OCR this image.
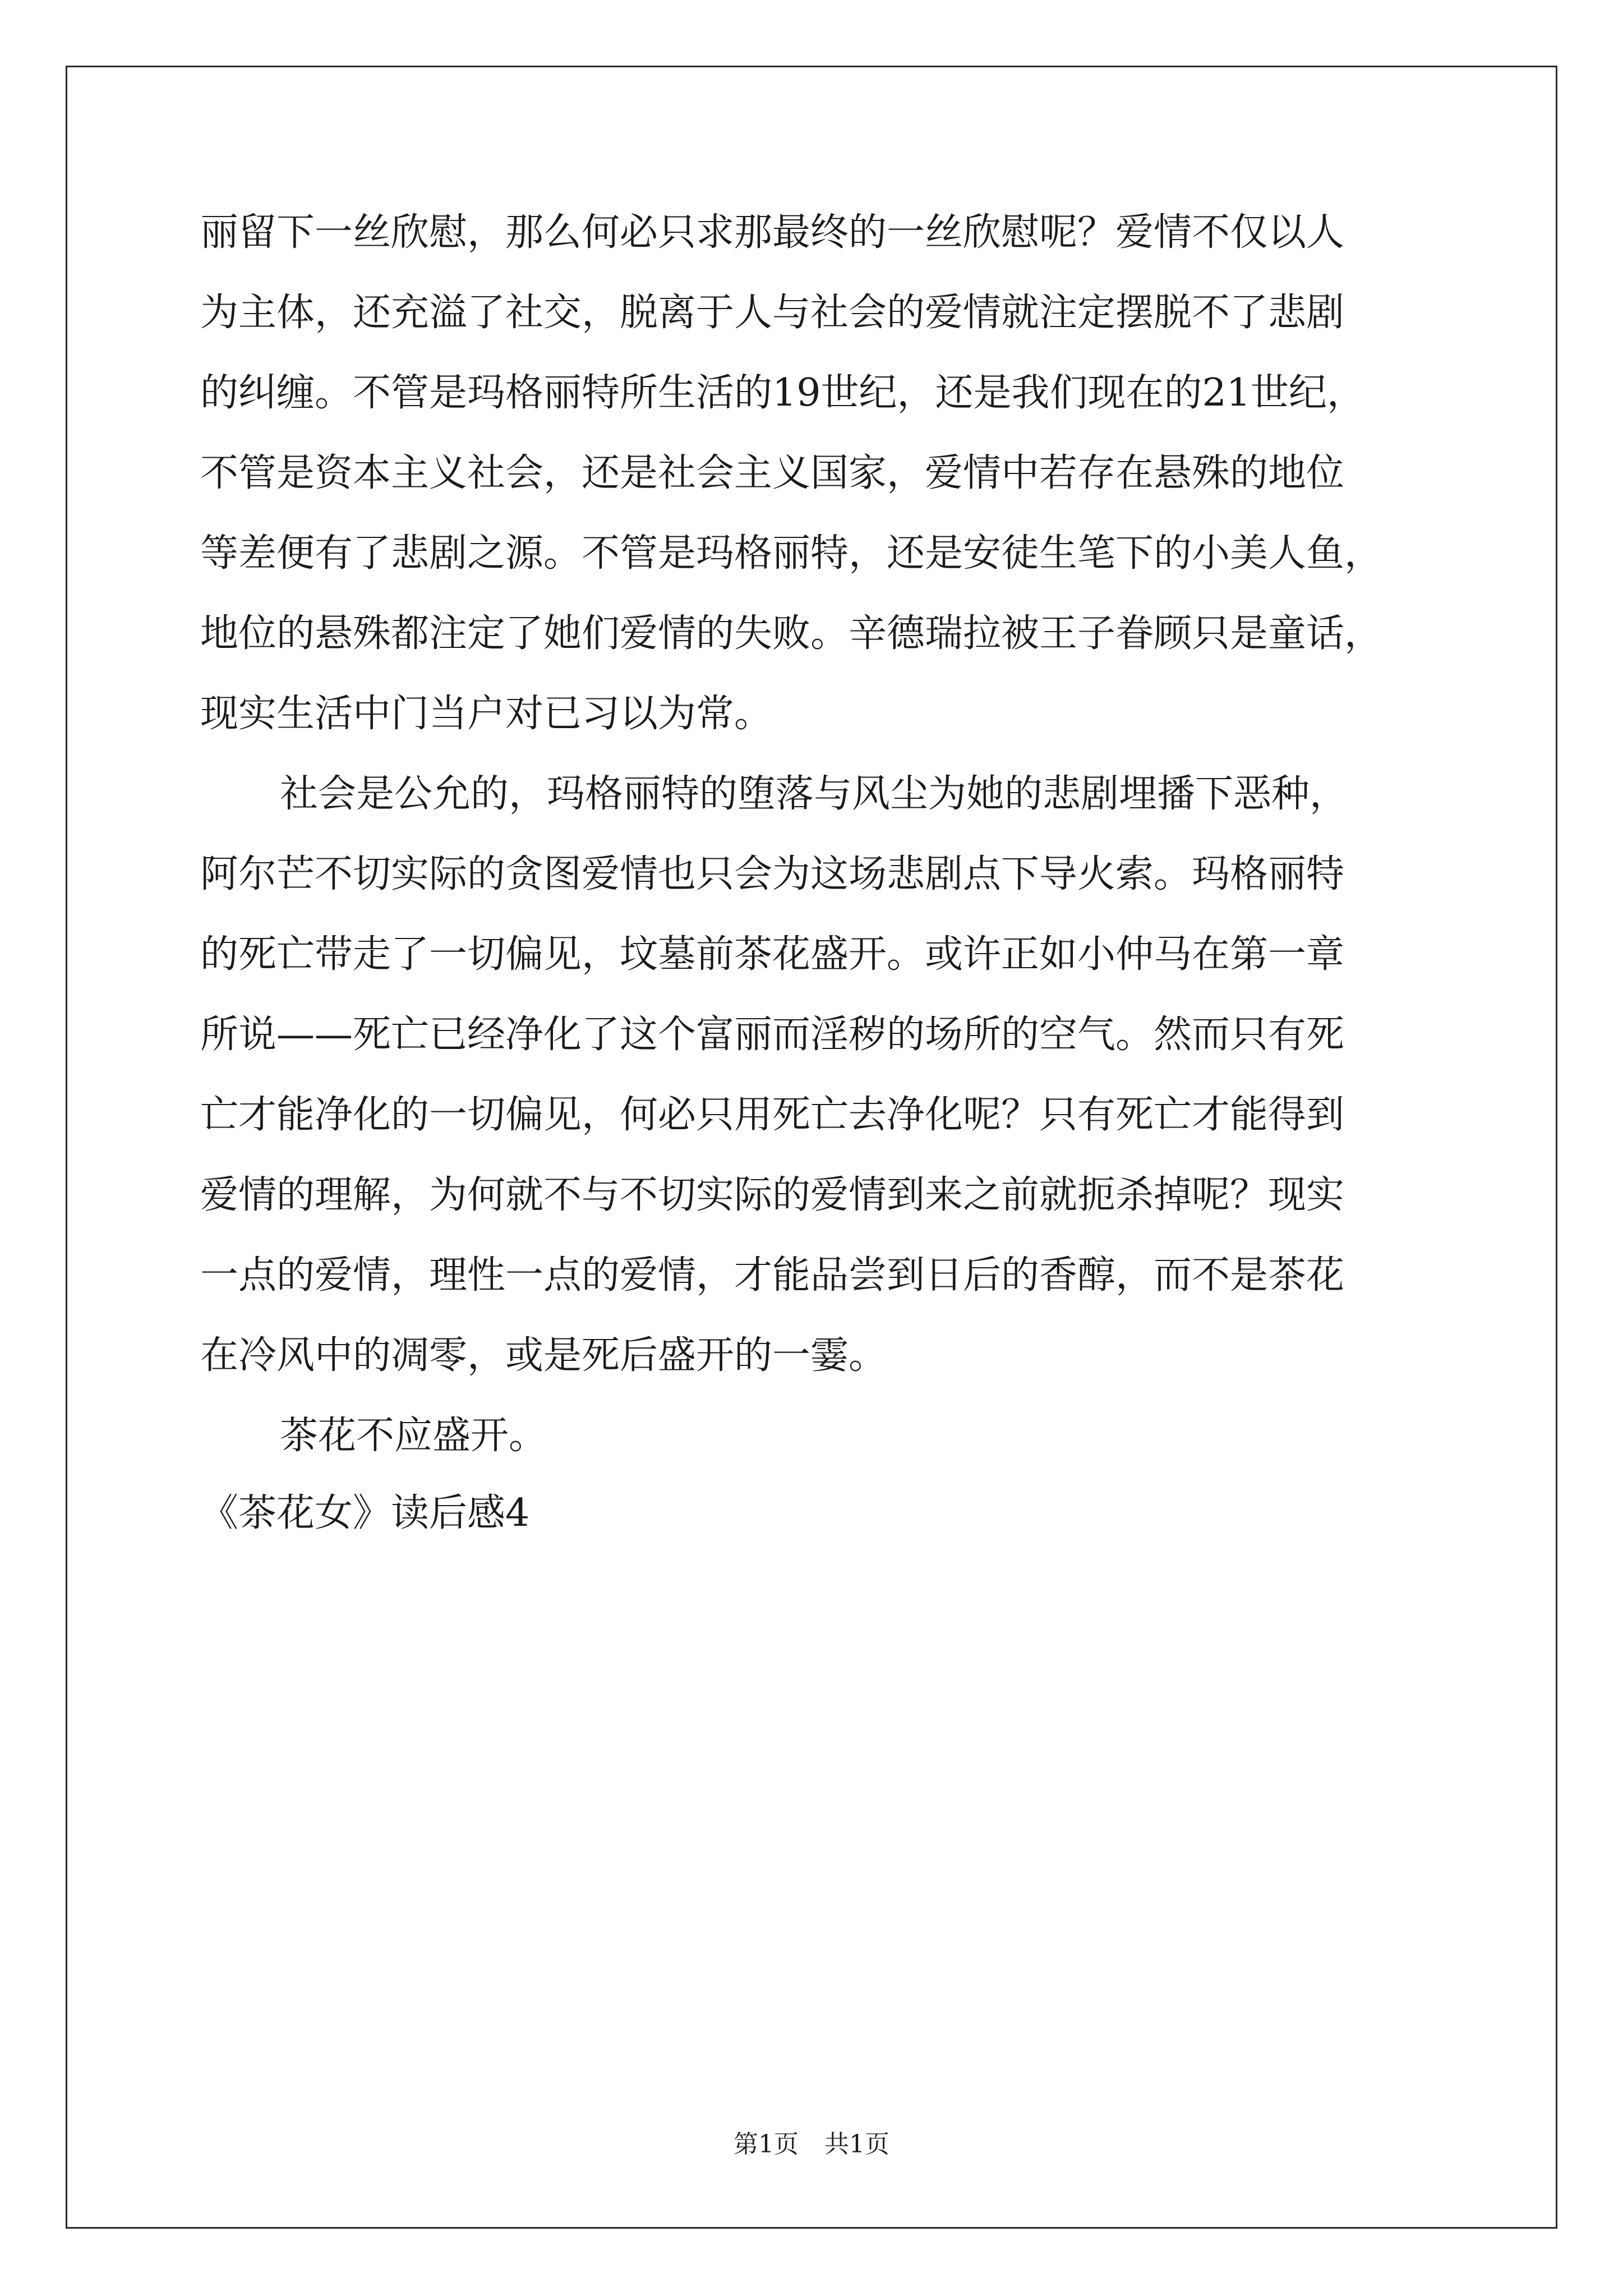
丽留下一丝欣慰，那么何必只求那最终的一丝欣慰呢？爱情不仅以人
为主体，还充溢了社交，脱离于人与社会的爱情就注定摆脱不了悲剧
的纠缠。不管是玛格丽特所生活的19世纪，还是我们现在的21世纪，
不管是资本主义社会，还是社会主义国家，爱情中若存在悬殊的地位
等差便有了悲剧之源。不管是玛格丽特，还是安徒生笔下的小美人鱼，
地位的悬殊都注定了她们爱情的失败。辛德瑞拉被王子眷顾只是童话，
现实生活中门当户对已习以为常。
社会是公允的，玛格丽特的堕落与风尘为她的悲剧埋播下恶种，
阿尔芒不切实际的贪图爱情也只会为这场悲剧点下导火索。玛格丽特
的死亡带走了一切偏见，坟墓前茶花盛开。或许正如小仲马在第一章
所说——死亡已经净化了这个富丽而淫秽的场所的空气。然而只有死
亡才能净化的一切偏见，何必只用死亡去净化呢？只有死亡才能得到
爱情的理解，为何就不与不切实际的爱情到来之前就扼杀掉呢？现实
一点的爱情，理性一点的爱情，才能品尝到日后的香醇，而不是茶花
在冷风中的凋零，或是死后盛开的一霎。
茶花不应盛开。
《茶花女》读后感4
第1页 共1页
